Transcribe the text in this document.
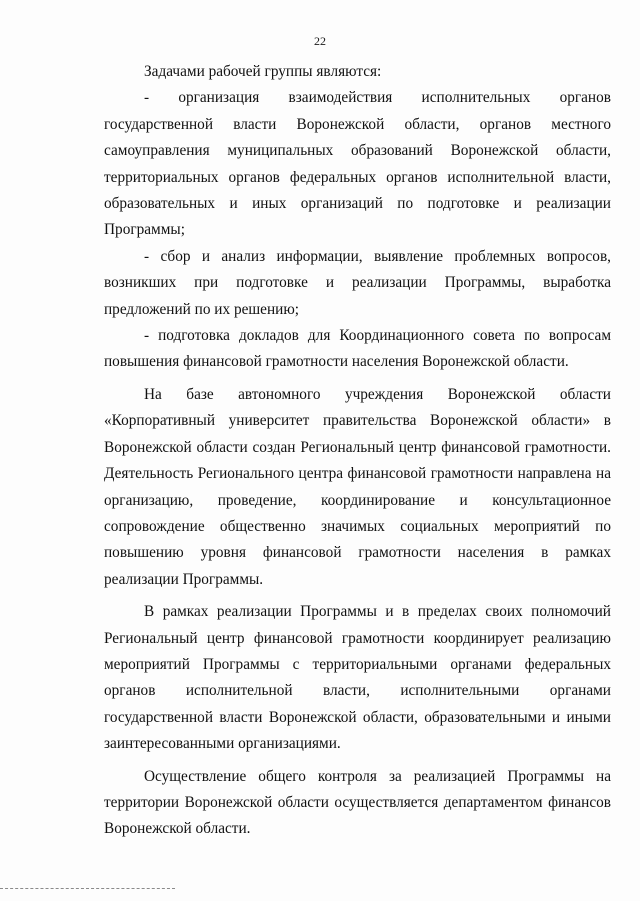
22

Задачами рабочей группы являются:

- организация взаимодействия исполнительных органов государственной власти Воронежской области, органов местного самоуправления муниципальных образований Воронежской области, территориальных органов федеральных органов исполнительной власти, образовательных и иных организаций по подготовке и реализации Программы;

- сбор и анализ информации, выявление проблемных вопросов, возникших при подготовке и реализации Программы, выработка предложений по их решению;

- подготовка докладов для Координационного совета по вопросам повышения финансовой грамотности населения Воронежской области.

На базе автономного учреждения Воронежской области «Корпоративный университет правительства Воронежской области» в Воронежской области создан Региональный центр финансовой грамотности. Деятельность Регионального центра финансовой грамотности направлена на организацию, проведение, координирование и консультационное сопровождение общественно значимых социальных мероприятий по повышению уровня финансовой грамотности населения в рамках реализации Программы.

В рамках реализации Программы и в пределах своих полномочий Региональный центр финансовой грамотности координирует реализацию мероприятий Программы с территориальными органами федеральных органов исполнительной власти, исполнительными органами государственной власти Воронежской области, образовательными и иными заинтересованными организациями.

Осуществление общего контроля за реализацией Программы на территории Воронежской области осуществляется департаментом финансов Воронежской области.
